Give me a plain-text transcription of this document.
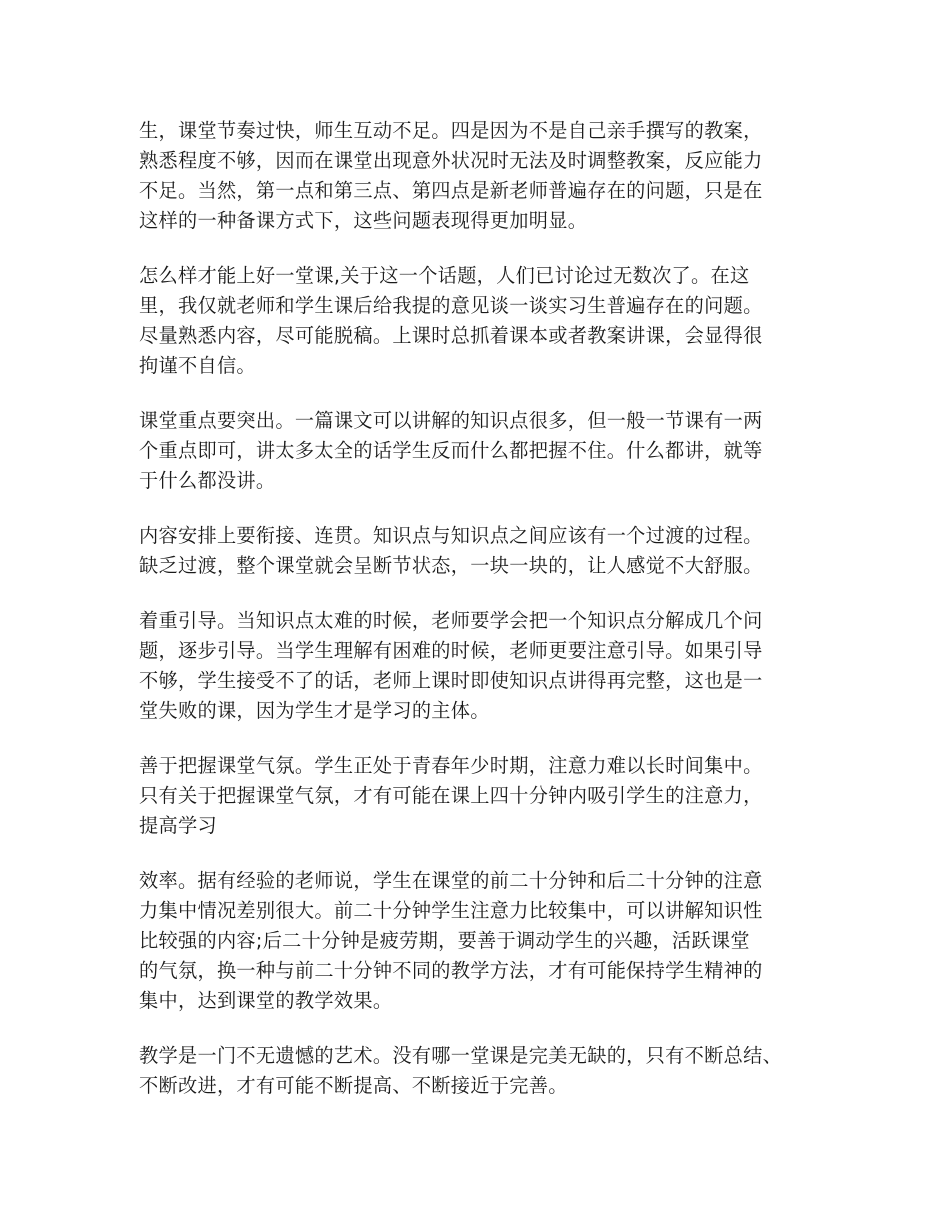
生，课堂节奏过快，师生互动不足。四是因为不是自己亲手撰写的教案，
熟悉程度不够，因而在课堂出现意外状况时无法及时调整教案，反应能力
不足。当然，第一点和第三点、第四点是新老师普遍存在的问题，只是在
这样的一种备课方式下，这些问题表现得更加明显。

怎么样才能上好一堂课,关于这一个话题，人们已讨论过无数次了。在这
里，我仅就老师和学生课后给我提的意见谈一谈实习生普遍存在的问题。
尽量熟悉内容，尽可能脱稿。上课时总抓着课本或者教案讲课，会显得很
拘谨不自信。

课堂重点要突出。一篇课文可以讲解的知识点很多，但一般一节课有一两
个重点即可，讲太多太全的话学生反而什么都把握不住。什么都讲，就等
于什么都没讲。

内容安排上要衔接、连贯。知识点与知识点之间应该有一个过渡的过程。
缺乏过渡，整个课堂就会呈断节状态，一块一块的，让人感觉不大舒服。

着重引导。当知识点太难的时候，老师要学会把一个知识点分解成几个问
题，逐步引导。当学生理解有困难的时候，老师更要注意引导。如果引导
不够，学生接受不了的话，老师上课时即使知识点讲得再完整，这也是一
堂失败的课，因为学生才是学习的主体。

善于把握课堂气氛。学生正处于青春年少时期，注意力难以长时间集中。
只有关于把握课堂气氛，才有可能在课上四十分钟内吸引学生的注意力，
提高学习

效率。据有经验的老师说，学生在课堂的前二十分钟和后二十分钟的注意
力集中情况差别很大。前二十分钟学生注意力比较集中，可以讲解知识性
比较强的内容;后二十分钟是疲劳期，要善于调动学生的兴趣，活跃课堂
的气氛，换一种与前二十分钟不同的教学方法，才有可能保持学生精神的
集中，达到课堂的教学效果。

教学是一门不无遗憾的艺术。没有哪一堂课是完美无缺的，只有不断总结、
不断改进，才有可能不断提高、不断接近于完善。
